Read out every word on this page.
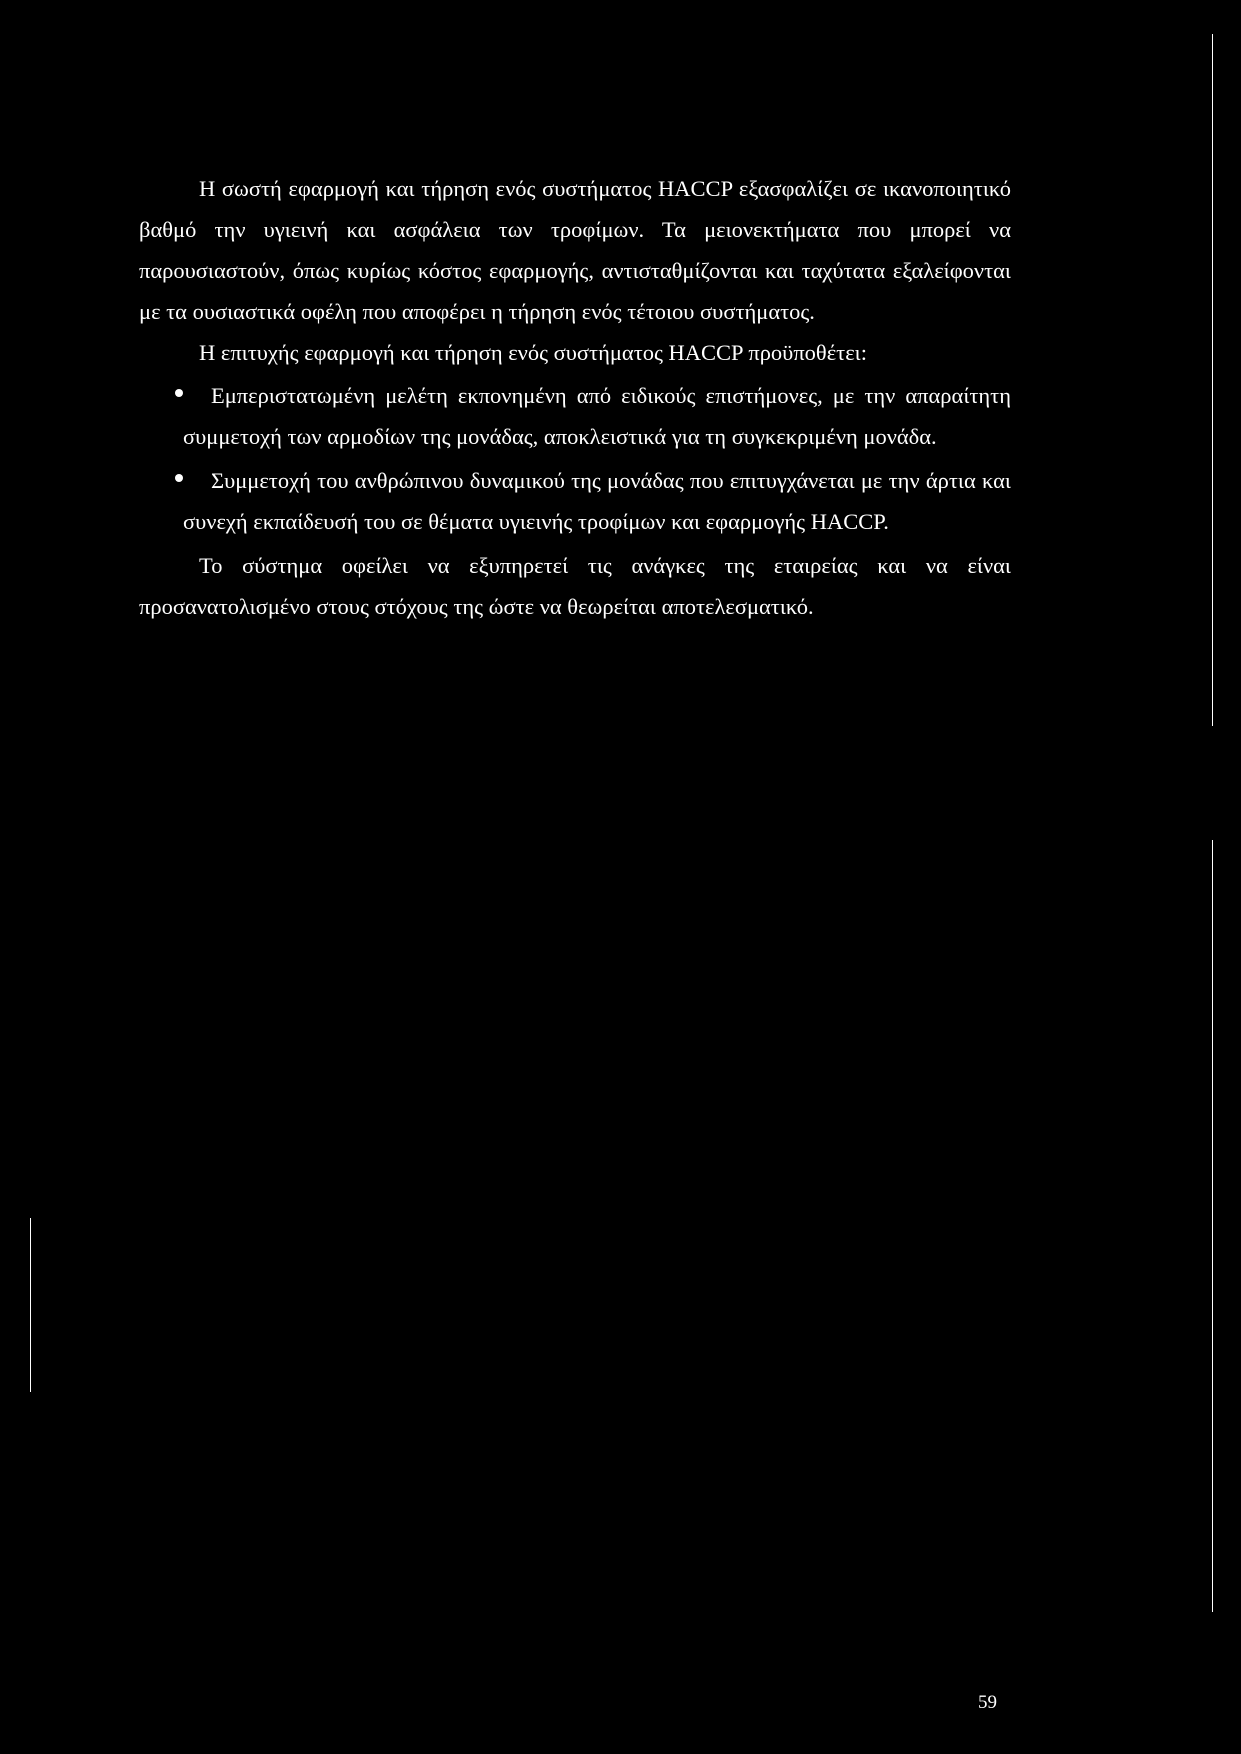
Η σωστή εφαρμογή και τήρηση ενός συστήματος HACCP εξασφαλίζει σε ικανοποιητικό βαθμό την υγιεινή και ασφάλεια των τροφίμων. Τα μειονεκτήματα που μπορεί να παρουσιαστούν, όπως κυρίως κόστος εφαρμογής, αντισταθμίζονται και ταχύτατα εξαλείφονται με τα ουσιαστικά οφέλη που αποφέρει η τήρηση ενός τέτοιου συστήματος.

Η επιτυχής εφαρμογή και τήρηση ενός συστήματος HACCP προϋποθέτει:

Εμπεριστατωμένη μελέτη εκπονημένη από ειδικούς επιστήμονες, με την απαραίτητη συμμετοχή των αρμοδίων της μονάδας, αποκλειστικά για τη συγκεκριμένη μονάδα.
Συμμετοχή του ανθρώπινου δυναμικού της μονάδας που επιτυγχάνεται με την άρτια και συνεχή εκπαίδευσή του σε θέματα υγιεινής τροφίμων και εφαρμογής HACCP.

Το σύστημα οφείλει να εξυπηρετεί τις ανάγκες της εταιρείας και να είναι προσανατολισμένο στους στόχους της ώστε να θεωρείται αποτελεσματικό.

59
